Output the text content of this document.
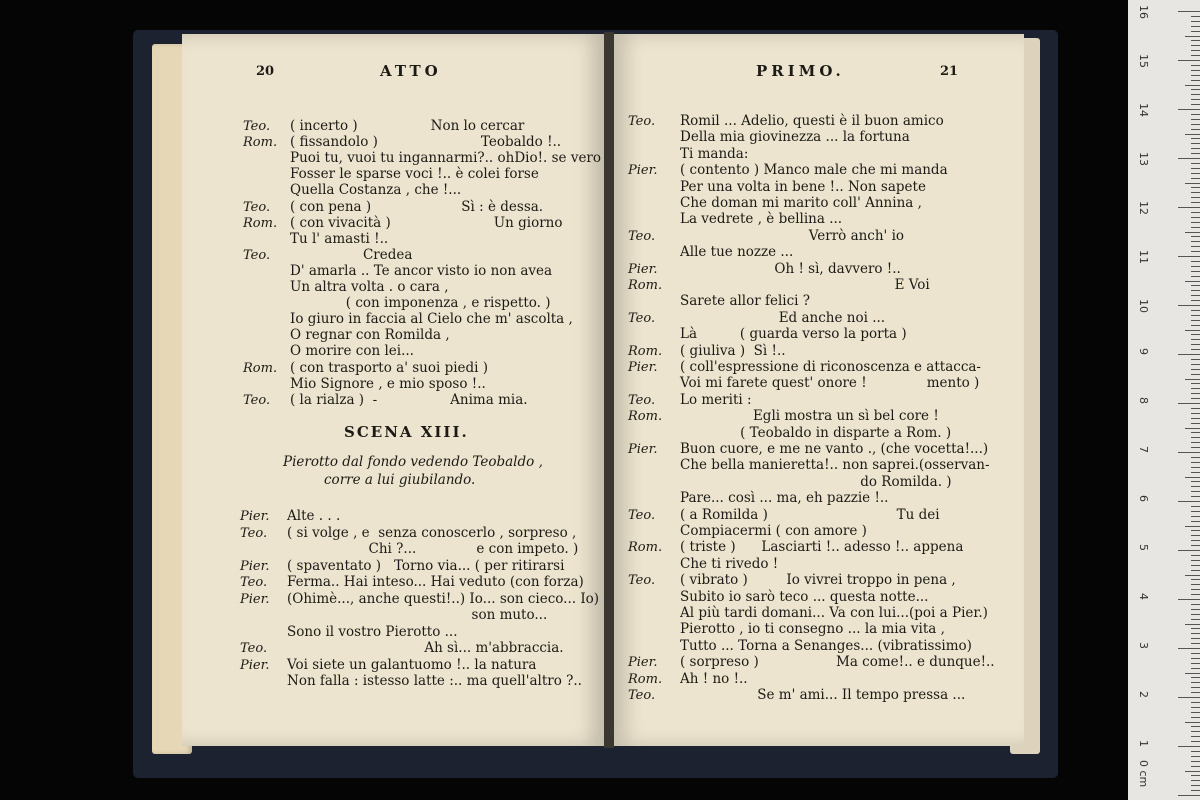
20	ATTO
Teo. ( incerto )                 Non lo cercar
Rom. ( fissandolo )                        Teobaldo !..
Puoi tu, vuoi tu ingannarmi?.. ohDio!. se vero
Fosser le sparse voci !.. è colei forse
Quella Costanza , che !...
Teo. ( con pena )                     Sì : è dessa.
Rom. ( con vivacità )                        Un giorno
Tu l' amasti !..
Teo. Credea
D' amarla .. Te ancor visto io non avea
Un altra volta . o cara ,
( con imponenza , e rispetto. )
Io giuro in faccia al Cielo che m' ascolta ,
O regnar con Romilda ,
O morire con lei...
Rom. ( con trasporto a' suoi piedi )
Mio Signore , e mio sposo !..
Teo. ( la rialza )  -                 Anima mia.
SCENA XIII.
Pierotto dal fondo vedendo Teobaldo ,
corre a lui giubilando.
Pier. Alte . . .
Teo. ( si volge , e  senza conoscerlo , sorpreso ,
Chi ?...              e con impeto. )
Pier. ( spaventato )   Torno via... ( per ritirarsi
Teo. Ferma.. Hai inteso... Hai veduto (con forza)
Pier. (Ohimè..., anche questi!..) Io... son cieco... Io)
son muto...
Sono il vostro Pierotto ...
Teo. Ah sì... m'abbraccia.
Pier. Voi siete un galantuomo !.. la natura
Non falla : istesso latte :.. ma quell'altro ?..
PRIMO.	21
Teo. Romil ... Adelio, questi è il buon amico
Della mia giovinezza ... la fortuna
Ti manda:
Pier. ( contento ) Manco male che mi manda
Per una volta in bene !.. Non sapete
Che doman mi marito coll' Annina ,
La vedrete , è bellina ...
Teo. Verrò anch' io
Alle tue nozze ...
Pier. Oh ! sì, davvero !..
Rom. E Voi
Sarete allor felici ?
Teo. Ed anche noi ...
Là          ( guarda verso la porta )
Rom. ( giuliva )  Sì !..
Pier. ( coll'espressione di riconoscenza e attacca-
Voi mi farete quest' onore !              mento )
Teo. Lo meriti :
Rom. Egli mostra un sì bel core !
( Teobaldo in disparte a Rom. )
Pier. Buon cuore, e me ne vanto ., (che vocetta!...)
Che bella manieretta!.. non saprei.(osservan-
do Romilda. )
Pare... così ... ma, eh pazzie !..
Teo. ( a Romilda )                              Tu dei
Compiacermi ( con amore )
Rom. ( triste )      Lasciarti !.. adesso !.. appena
Che ti rivedo !
Teo. ( vibrato )         Io vivrei troppo in pena ,
Subito io sarò teco ... questa notte...
Al più tardi domani... Va con lui...(poi a Pier.)
Pierotto , io ti consegno ... la mia vita ,
Tutto ... Torna a Senanges... (vibratissimo)
Pier. ( sorpreso )                  Ma come!.. e dunque!..
Rom. Ah ! no !..
Teo. Se m' ami... Il tempo pressa ...
0 cm
1
2
3
4
5
6
7
8
9
10
11
12
13
14
15
16
